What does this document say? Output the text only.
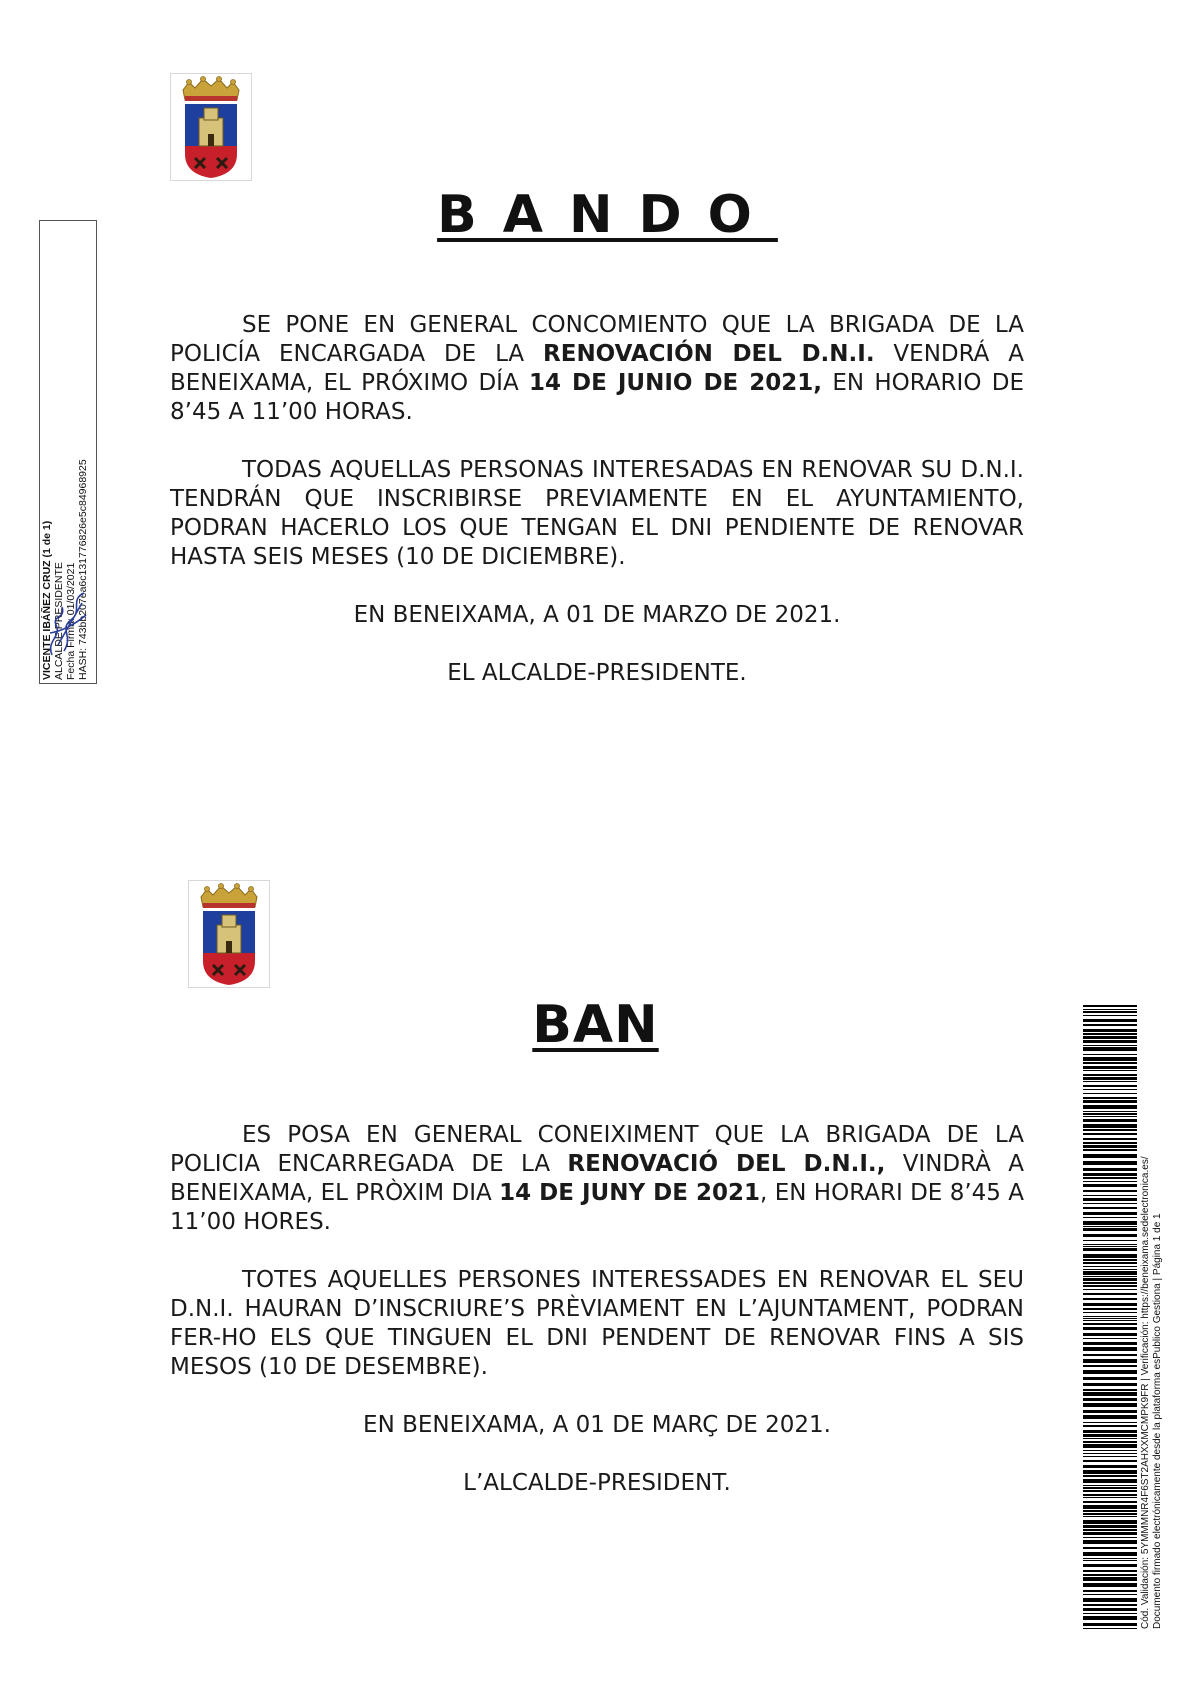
BANDO

SE PONE EN GENERAL CONCOMIENTO QUE LA BRIGADA DE LA POLICÍA ENCARGADA DE LA RENOVACIÓN DEL D.N.I. VENDRÁ A BENEIXAMA, EL PRÓXIMO DÍA 14 DE JUNIO DE 2021, EN HORARIO DE 8’45 A 11’00 HORAS.

TODAS AQUELLAS PERSONAS INTERESADAS EN RENOVAR SU D.N.I. TENDRÁN QUE INSCRIBIRSE PREVIAMENTE EN EL AYUNTAMIENTO, PODRAN HACERLO LOS QUE TENGAN EL DNI PENDIENTE DE RENOVAR HASTA SEIS MESES (10 DE DICIEMBRE).

EN BENEIXAMA, A 01 DE MARZO DE 2021.

EL ALCALDE-PRESIDENTE.

BAN

ES POSA EN GENERAL CONEIXIMENT QUE LA BRIGADA DE LA POLICIA ENCARREGADA DE LA RENOVACIÓ DEL D.N.I., VINDRÀ A BENEIXAMA, EL PRÒXIM DIA 14 DE JUNY DE 2021, EN HORARI DE 8’45 A 11’00 HORES.

TOTES AQUELLES PERSONES INTERESSADES EN RENOVAR EL SEU D.N.I. HAURAN D’INSCRIURE’S PRÈVIAMENT EN L’AJUNTAMENT, PODRAN FER-HO ELS QUE TINGUEN EL DNI PENDENT DE RENOVAR FINS A SIS MESOS (10 DE DESEMBRE).

EN BENEIXAMA, A 01 DE MARÇ DE 2021.

L’ALCALDE-PRESIDENT.

VICENTE IBÁÑEZ CRUZ (1 de 1) ALCALDE PRESIDENTE Fecha Firma: 01/03/2021 HASH: 743bb207ea6c131776826e5c84968925
Cód. Validación: 5YMMMNR4F6ST2AHXXMCMPK9FR | Verificación: https://beneixama.sedelectronica.es/ Documento firmado electrónicamente desde la plataforma esPublico Gestiona | Página 1 de 1
